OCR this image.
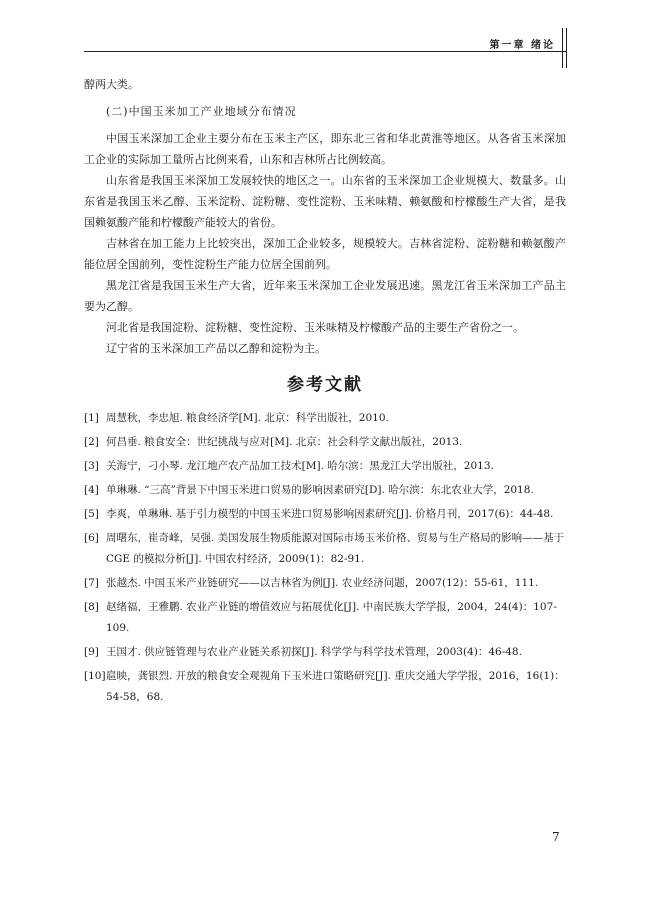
第一章 绪论

醇两大类。

(二)中国玉米加工产业地域分布情况

中国玉米深加工企业主要分布在玉米主产区，即东北三省和华北黄淮等地区。从各省玉米深加工企业的实际加工量所占比例来看，山东和吉林所占比例较高。

山东省是我国玉米深加工发展较快的地区之一。山东省的玉米深加工企业规模大、数量多。山东省是我国玉米乙醇、玉米淀粉、淀粉糖、变性淀粉、玉米味精、赖氨酸和柠檬酸生产大省，是我国赖氨酸产能和柠檬酸产能较大的省份。

吉林省在加工能力上比较突出，深加工企业较多，规模较大。吉林省淀粉、淀粉糖和赖氨酸产能位居全国前列，变性淀粉生产能力位居全国前列。

黑龙江省是我国玉米生产大省，近年来玉米深加工企业发展迅速。黑龙江省玉米深加工产品主要为乙醇。

河北省是我国淀粉、淀粉糖、变性淀粉、玉米味精及柠檬酸产品的主要生产省份之一。

辽宁省的玉米深加工产品以乙醇和淀粉为主。

参考文献
[1] 周慧秋，李忠旭. 粮食经济学[M]. 北京：科学出版社，2010.
[2] 何昌垂. 粮食安全：世纪挑战与应对[M]. 北京：社会科学文献出版社，2013.
[3] 关海宁，刁小琴. 龙江地产农产品加工技术[M]. 哈尔滨：黑龙江大学出版社，2013.
[4] 单琳琳. “三高”背景下中国玉米进口贸易的影响因素研究[D]. 哈尔滨：东北农业大学，2018.
[5] 李爽，单琳琳. 基于引力模型的中国玉米进口贸易影响因素研究[J]. 价格月刊，2017(6)：44-48.
[6] 周曙东，崔奇峰，吴强. 美国发展生物质能源对国际市场玉米价格、贸易与生产格局的影响——基于 CGE 的模拟分析[J]. 中国农村经济，2009(1)：82-91.
[7] 张越杰. 中国玉米产业链研究——以吉林省为例[J]. 农业经济问题，2007(12)：55-61，111.
[8] 赵绪福，王雅鹏. 农业产业链的增值效应与拓展优化[J]. 中南民族大学学报，2004，24(4)：107-109.
[9] 王国才. 供应链管理与农业产业链关系初探[J]. 科学学与科学技术管理，2003(4)：46-48.
[10] 扈映，龚银烈. 开放的粮食安全观视角下玉米进口策略研究[J]. 重庆交通大学学报，2016，16(1)：54-58，68.
7
